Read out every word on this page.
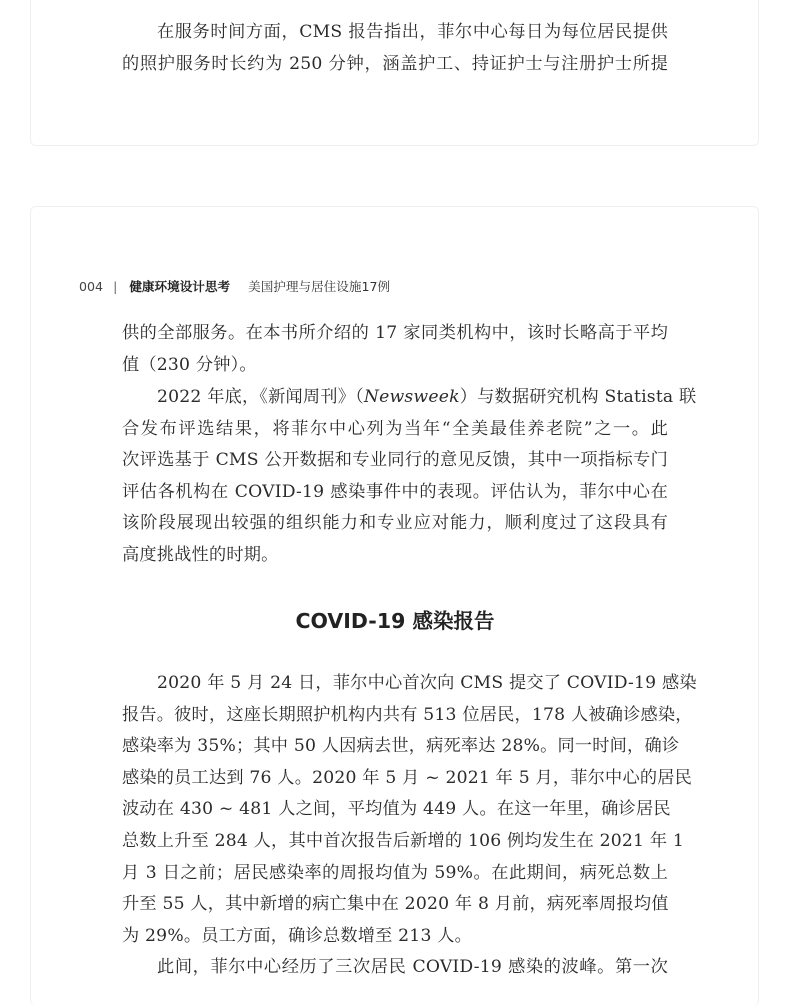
在服务时间方面，CMS 报告指出，菲尔中心每日为每位居民提供
的照护服务时长约为 250 分钟，涵盖护工、持证护士与注册护士所提

004 | 健康环境设计思考 美国护理与居住设施17例

供的全部服务。在本书所介绍的 17 家同类机构中，该时长略高于平均
值（230 分钟）。

2022 年底，《新闻周刊》（Newsweek）与数据研究机构 Statista 联
合发布评选结果，将菲尔中心列为当年“全美最佳养老院”之一。此
次评选基于 CMS 公开数据和专业同行的意见反馈，其中一项指标专门
评估各机构在 COVID-19 感染事件中的表现。评估认为，菲尔中心在
该阶段展现出较强的组织能力和专业应对能力，顺利度过了这段具有
高度挑战性的时期。

COVID-19 感染报告

2020 年 5 月 24 日，菲尔中心首次向 CMS 提交了 COVID-19 感染
报告。彼时，这座长期照护机构内共有 513 位居民，178 人被确诊感染，
感染率为 35%；其中 50 人因病去世，病死率达 28%。同一时间，确诊
感染的员工达到 76 人。2020 年 5 月 ~ 2021 年 5 月，菲尔中心的居民
波动在 430 ~ 481 人之间，平均值为 449 人。在这一年里，确诊居民
总数上升至 284 人，其中首次报告后新增的 106 例均发生在 2021 年 1
月 3 日之前；居民感染率的周报均值为 59%。在此期间，病死总数上
升至 55 人，其中新增的病亡集中在 2020 年 8 月前，病死率周报均值
为 29%。员工方面，确诊总数增至 213 人。

此间，菲尔中心经历了三次居民 COVID-19 感染的波峰。第一次
